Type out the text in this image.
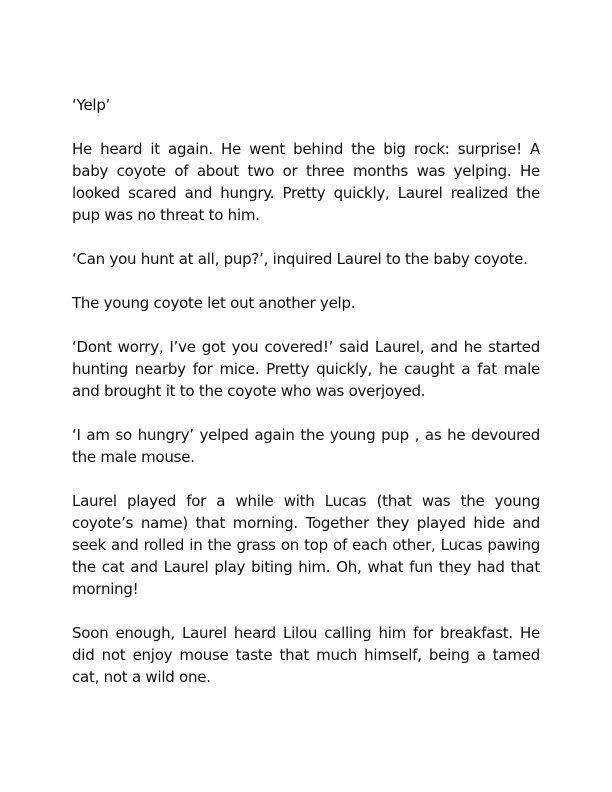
‘Yelp’

He heard it again. He went behind the big rock: surprise! A baby coyote of about two or three months was yelping. He looked scared and hungry. Pretty quickly, Laurel realized the pup was no threat to him.

‘Can you hunt at all, pup?’, inquired Laurel to the baby coyote.

The young coyote let out another yelp.

‘Dont worry, I’ve got you covered!’ said Laurel, and he started hunting nearby for mice. Pretty quickly, he caught a fat male and brought it to the coyote who was overjoyed.

‘I am so hungry’ yelped again the young pup , as he devoured the male mouse.

Laurel played for a while with Lucas (that was the young coyote’s name) that morning. Together they played hide and seek and rolled in the grass on top of each other, Lucas pawing the cat and Laurel play biting him. Oh, what fun they had that morning!

Soon enough, Laurel heard Lilou calling him for breakfast. He did not enjoy mouse taste that much himself, being a tamed cat, not a wild one.
